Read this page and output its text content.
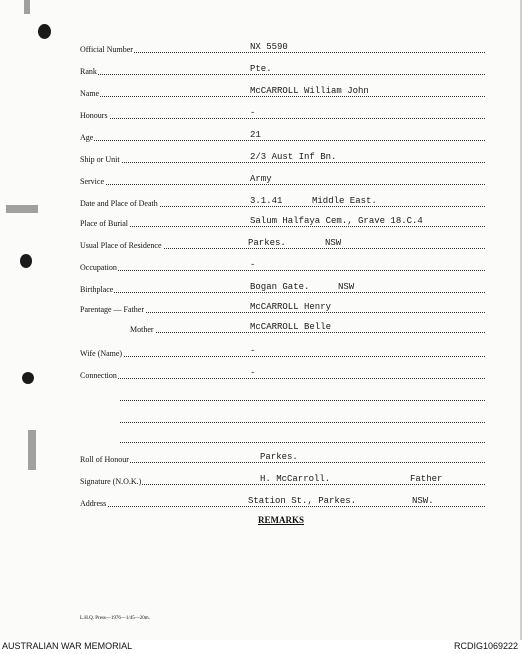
Official Number	NX 5590
Rank	Pte.
Name	McCARROLL William John
Honours	-
Age	21
Ship or Unit	2/3 Aust Inf Bn.
Service	Army
Date and Place of Death	3.1.41	Middle East.
Place of Burial	Salum Halfaya Cem., Grave 18.C.4
Usual Place of Residence	Parkes.	NSW
Occupation	-
Birthplace	Bogan Gate.	NSW
Parentage — Father	McCARROLL Henry
Mother	McCARROLL Belle
Wife (Name)	-
Connection	-
Roll of Honour	Parkes.
Signature (N.O.K.)	H. McCarroll.	Father
Address	Station St., Parkes.	NSW.
REMARKS
L.H.Q. Press—1976—1/45—20m.
AUSTRALIAN WAR MEMORIAL	RCDIG1069222
